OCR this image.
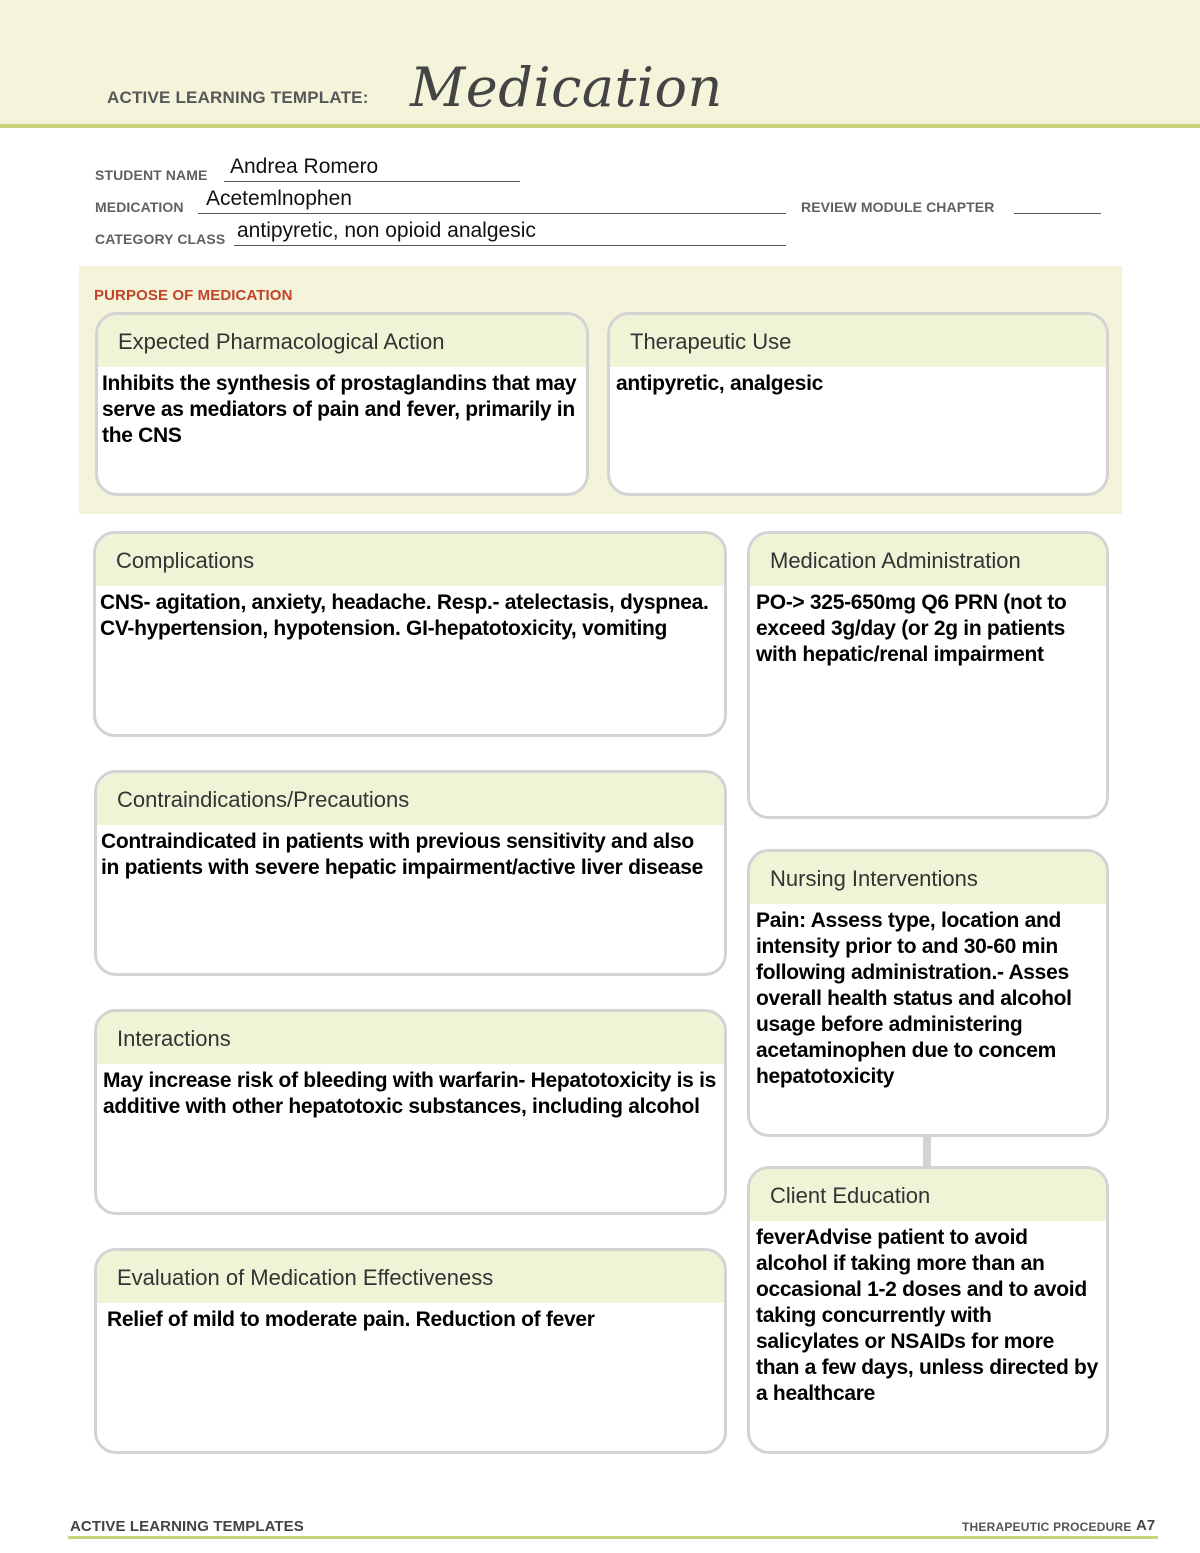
ACTIVE LEARNING TEMPLATE: Medication
STUDENT NAME Andrea Romero
MEDICATION Acetemlnophen	REVIEW MODULE CHAPTER
CATEGORY CLASS antipyretic, non opioid analgesic
PURPOSE OF MEDICATION
Expected Pharmacological Action
Inhibits the synthesis of prostaglandins that may serve as mediators of pain and fever, primarily in the CNS
Therapeutic Use
antipyretic, analgesic
Complications
CNS- agitation, anxiety, headache. Resp.- atelectasis, dyspnea. CV-hypertension, hypotension. GI-hepatotoxicity, vomiting
Contraindications/Precautions
Contraindicated in patients with previous sensitivity and also in patients with severe hepatic impairment/active liver disease
Interactions
May increase risk of bleeding with warfarin- Hepatotoxicity is is additive with other hepatotoxic substances, including alcohol
Evaluation of Medication Effectiveness
Relief of mild to moderate pain. Reduction of fever
Medication Administration
PO-> 325-650mg Q6 PRN (not to exceed 3g/day (or 2g in patients with hepatic/renal impairment
Nursing Interventions
Pain: Assess type, location and intensity prior to and 30-60 min following administration.- Asses overall health status and alcohol usage before administering acetaminophen due to concem hepatotoxicity
Client Education
feverAdvise patient to avoid alcohol if taking more than an occasional 1-2 doses and to avoid taking concurrently with salicylates or NSAIDs for more than a few days, unless directed by a healthcare
ACTIVE LEARNING TEMPLATES	THERAPEUTIC PROCEDURE A7
